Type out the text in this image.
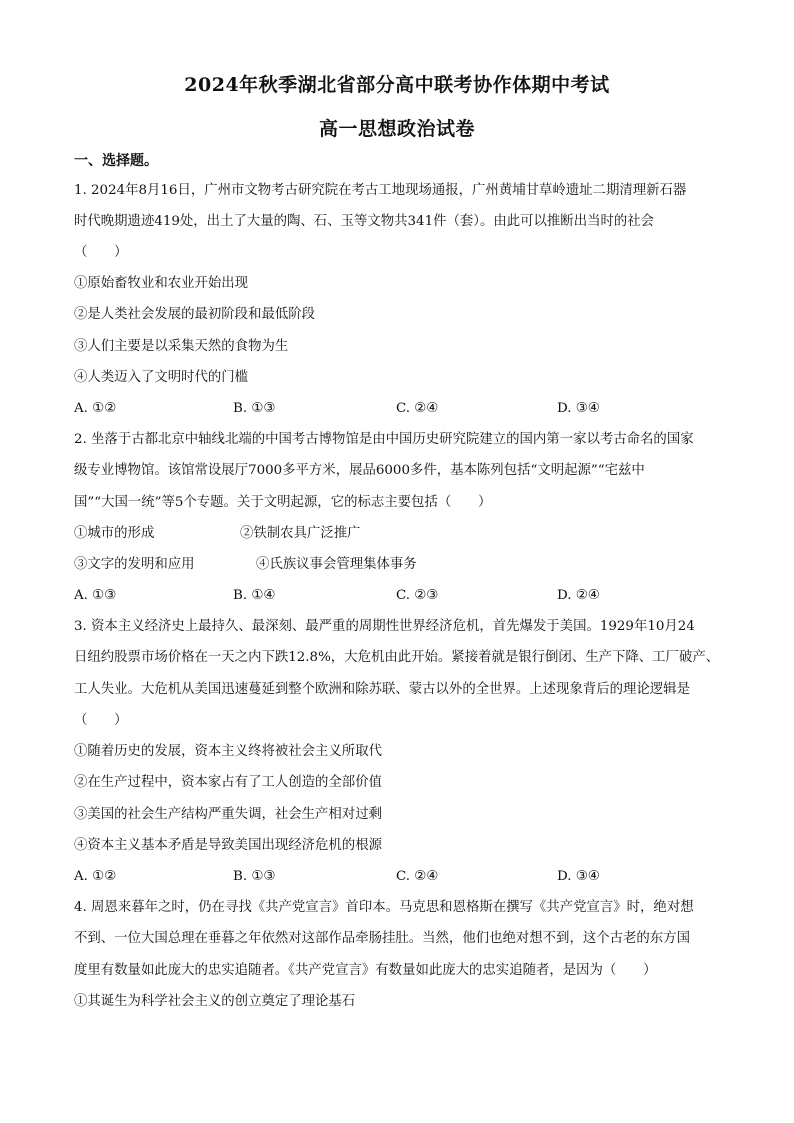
2024年秋季湖北省部分高中联考协作体期中考试
高一思想政治试卷
一、选择题。
1. 2024年8月16日，广州市文物考古研究院在考古工地现场通报，广州黄埔甘草岭遗址二期清理新石器
时代晚期遗迹419处，出土了大量的陶、石、玉等文物共341件（套）。由此可以推断出当时的社会
（　　）
①原始畜牧业和农业开始出现
②是人类社会发展的最初阶段和最低阶段
③人们主要是以采集天然的食物为生
④人类迈入了文明时代的门槛
A. ①②	B. ①③	C. ②④	D. ③④
2. 坐落于古都北京中轴线北端的中国考古博物馆是由中国历史研究院建立的国内第一家以考古命名的国家
级专业博物馆。该馆常设展厅7000多平方米，展品6000多件，基本陈列包括“文明起源”“宅兹中
国”“大国一统”等5个专题。关于文明起源，它的标志主要包括（　　）
①城市的形成	②铁制农具广泛推广
③文字的发明和应用	④氏族议事会管理集体事务
A. ①③	B. ①④	C. ②③	D. ②④
3. 资本主义经济史上最持久、最深刻、最严重的周期性世界经济危机，首先爆发于美国。1929年10月24
日纽约股票市场价格在一天之内下跌12.8%，大危机由此开始。紧接着就是银行倒闭、生产下降、工厂破产、
工人失业。大危机从美国迅速蔓延到整个欧洲和除苏联、蒙古以外的全世界。上述现象背后的理论逻辑是
（　　）
①随着历史的发展，资本主义终将被社会主义所取代
②在生产过程中，资本家占有了工人创造的全部价值
③美国的社会生产结构严重失调，社会生产相对过剩
④资本主义基本矛盾是导致美国出现经济危机的根源
A. ①②	B. ①③	C. ②④	D. ③④
4. 周恩来暮年之时，仍在寻找《共产党宣言》首印本。马克思和恩格斯在撰写《共产党宣言》时，绝对想
不到、一位大国总理在垂暮之年依然对这部作品牵肠挂肚。当然，他们也绝对想不到，这个古老的东方国
度里有数量如此庞大的忠实追随者。《共产党宣言》有数量如此庞大的忠实追随者，是因为（　　）
①其诞生为科学社会主义的创立奠定了理论基石
